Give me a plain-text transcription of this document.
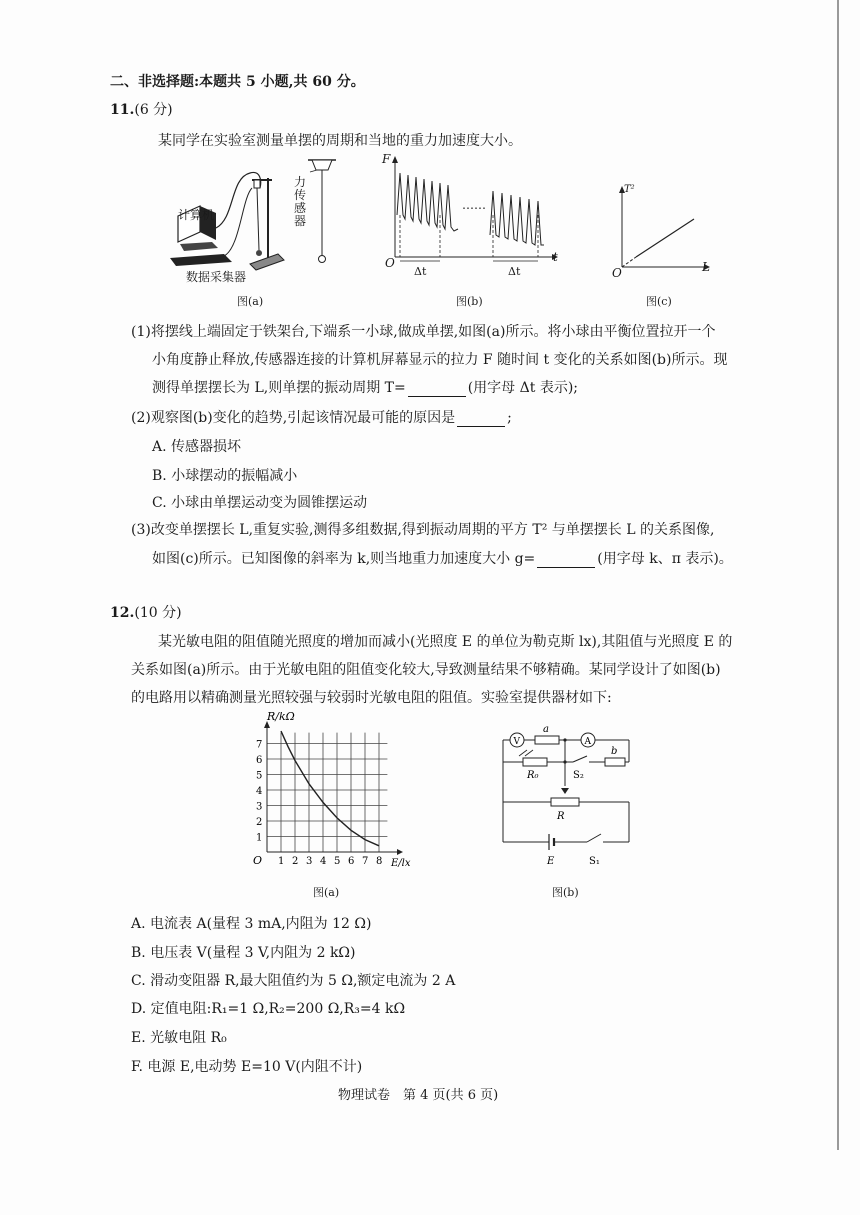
二、非选择题:本题共 5 小题,共 60 分。
11.(6 分)
某同学在实验室测量单摆的周期和当地的重力加速度大小。
计算机
力传感器
数据采集器
图(a)
F
O	t
……
Δt	Δt
图(b)
T²
O	L
图(c)
(1)将摆线上端固定于铁架台,下端系一小球,做成单摆,如图(a)所示。将小球由平衡位置拉开一个
小角度静止释放,传感器连接的计算机屏幕显示的拉力 F 随时间 t 变化的关系如图(b)所示。现
测得单摆摆长为 L,则单摆的振动周期 T=	(用字母 Δt 表示);
(2)观察图(b)变化的趋势,引起该情况最可能的原因是	;
A. 传感器损坏
B. 小球摆动的振幅减小
C. 小球由单摆运动变为圆锥摆运动
(3)改变单摆摆长 L,重复实验,测得多组数据,得到振动周期的平方 T² 与单摆摆长 L 的关系图像,
如图(c)所示。已知图像的斜率为 k,则当地重力加速度大小 g=	(用字母 k、π 表示)。
12.(10 分)
某光敏电阻的阻值随光照度的增加而减小(光照度 E 的单位为勒克斯 lx),其阻值与光照度 E 的
关系如图(a)所示。由于光敏电阻的阻值变化较大,导致测量结果不够精确。某同学设计了如图(b)
的电路用以精确测量光照较强与较弱时光敏电阻的阻值。实验室提供器材如下:
1 2 3 4 5 6 7 8
1
2
3
4
5
6
7
R/kΩ
E/lx
O
图(a)
V	A
a
b
R₀	S₂
R
E	S₁
图(b)
A. 电流表 A(量程 3 mA,内阻为 12 Ω)
B. 电压表 V(量程 3 V,内阻为 2 kΩ)
C. 滑动变阻器 R,最大阻值约为 5 Ω,额定电流为 2 A
D. 定值电阻:R₁=1 Ω,R₂=200 Ω,R₃=4 kΩ
E. 光敏电阻 R₀
F. 电源 E,电动势 E=10 V(内阻不计)
物理试卷　第 4 页(共 6 页)
